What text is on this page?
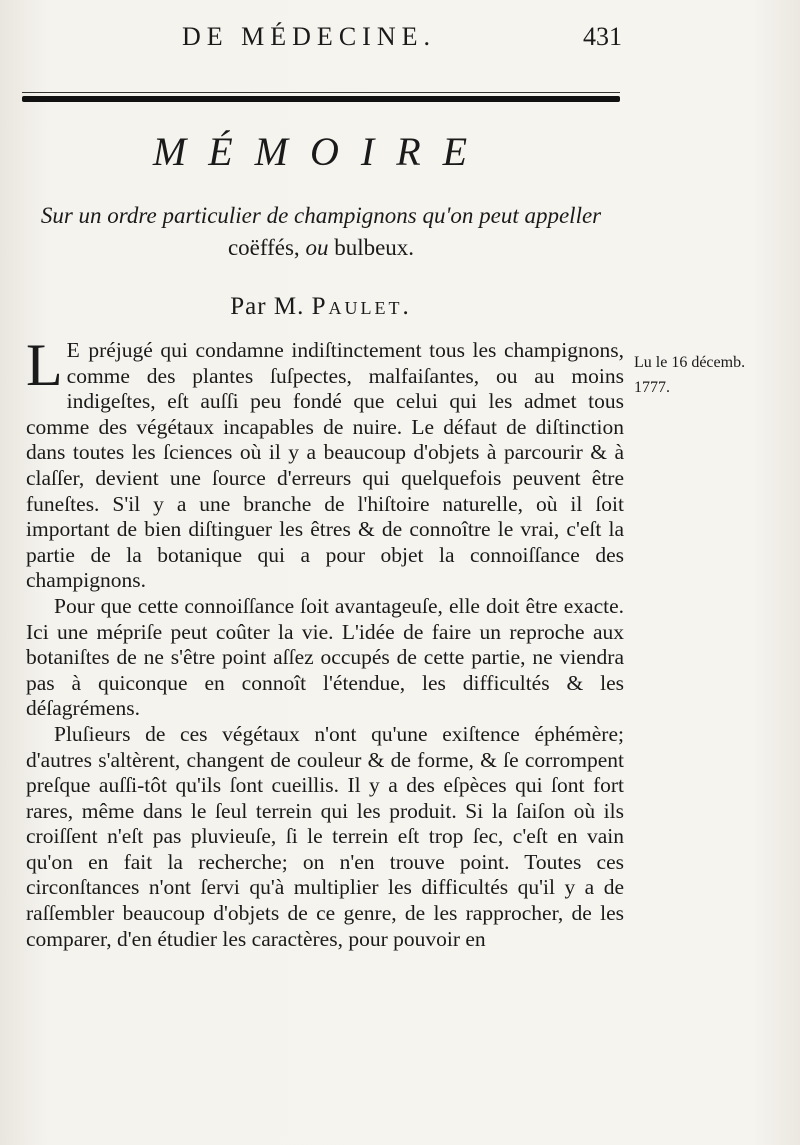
DE MÉDECINE.	431
MÉMOIRE
Sur un ordre particulier de champignons qu'on peut appeller
coëffés, ou bulbeux.
Par M. Paulet.
Lu le 16 décemb.
1777.

L E préjugé qui condamne indiſtinctement tous les champignons, comme des plantes ſuſpectes, malfaiſantes, ou au moins indigeſtes, eſt auſſi peu fondé que celui qui les admet tous comme des végétaux incapables de nuire. Le défaut de diſtinction dans toutes les ſciences où il y a beaucoup d'objets à parcourir & à claſſer, devient une ſource d'erreurs qui quelquefois peuvent être funeſtes. S'il y a une branche de l'hiſtoire naturelle, où il ſoit important de bien diſtinguer les êtres & de connoître le vrai, c'eſt la partie de la botanique qui a pour objet la connoiſſance des champignons.

Pour que cette connoiſſance ſoit avantageuſe, elle doit être exacte. Ici une mépriſe peut coûter la vie. L'idée de faire un reproche aux botaniſtes de ne s'être point aſſez occupés de cette partie, ne viendra pas à quiconque en connoît l'étendue, les difficultés & les déſagrémens.

Pluſieurs de ces végétaux n'ont qu'une exiſtence éphémère; d'autres s'altèrent, changent de couleur & de forme, & ſe corrompent preſque auſſi-tôt qu'ils ſont cueillis. Il y a des eſpèces qui ſont fort rares, même dans le ſeul terrein qui les produit. Si la ſaiſon où ils croiſſent n'eſt pas pluvieuſe, ſi le terrein eſt trop ſec, c'eſt en vain qu'on en fait la recherche; on n'en trouve point. Toutes ces circonſtances n'ont ſervi qu'à multiplier les difficultés qu'il y a de raſſembler beaucoup d'objets de ce genre, de les rapprocher, de les comparer, d'en étudier les caractères, pour pouvoir en
